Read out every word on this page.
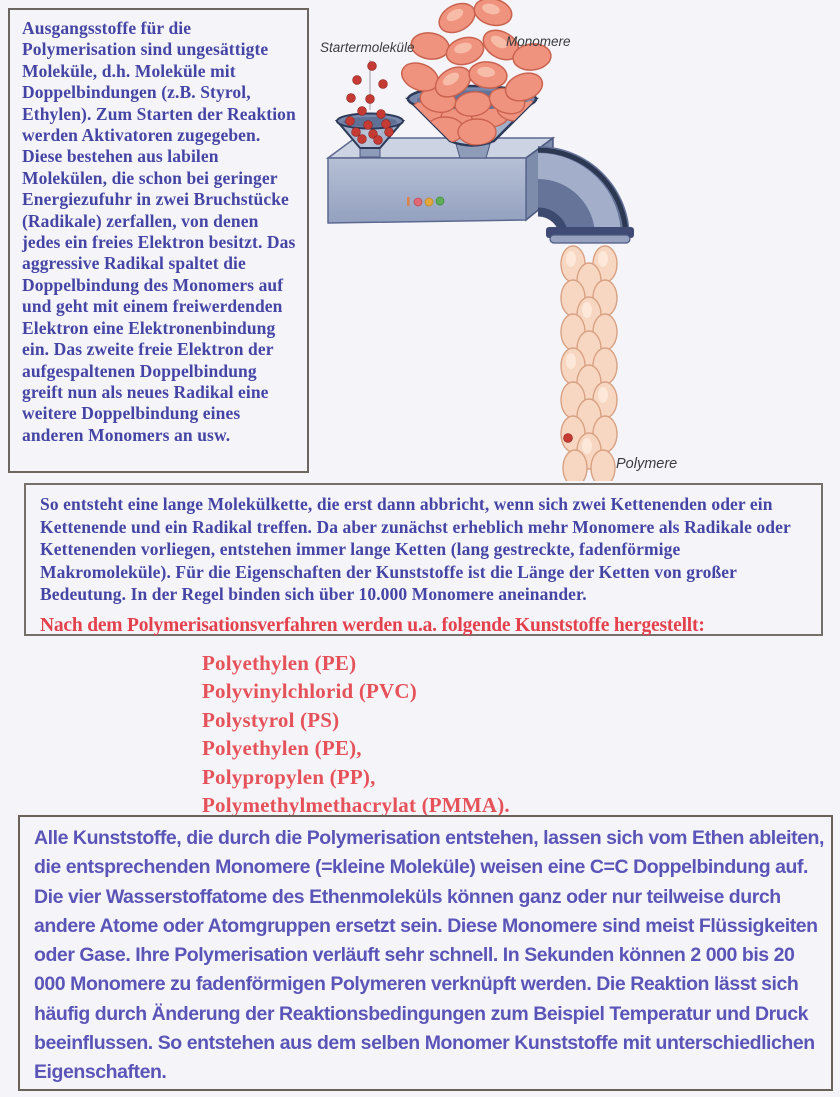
Ausgangsstoffe für die Polymerisation sind ungesättigte Moleküle, d.h. Moleküle mit Doppelbindungen (z.B. Styrol, Ethylen). Zum Starten der Reaktion werden Aktivatoren zugegeben. Diese bestehen aus labilen Molekülen, die schon bei geringer Energiezufuhr in zwei Bruchstücke (Radikale) zerfallen, von denen jedes ein freies Elektron besitzt. Das aggressive Radikal spaltet die Doppelbindung des Monomers auf und geht mit einem freiwerdenden Elektron eine Elektronenbindung ein. Das zweite freie Elektron der aufgespaltenen Doppelbindung greift nun als neues Radikal eine weitere Doppelbindung eines anderen Monomers an usw.
Startermoleküle	Monomere
Polymere
So entsteht eine lange Molekülkette, die erst dann abbricht, wenn sich zwei Kettenenden oder ein Kettenende und ein Radikal treffen. Da aber zunächst erheblich mehr Monomere als Radikale oder Kettenenden vorliegen, entstehen immer lange Ketten (lang gestreckte, fadenförmige Makromoleküle). Für die Eigenschaften der Kunststoffe ist die Länge der Ketten von großer Bedeutung. In der Regel binden sich über 10.000 Monomere aneinander.
Nach dem Polymerisationsverfahren werden u.a. folgende Kunststoffe hergestellt:
Polyethylen (PE)
Polyvinylchlorid (PVC)
Polystyrol (PS)
Polyethylen (PE),
Polypropylen (PP),
Polymethylmethacrylat (PMMA).
Alle Kunststoffe, die durch die Polymerisation entstehen, lassen sich vom Ethen ableiten, die entsprechenden Monomere (=kleine Moleküle) weisen eine C=C Doppelbindung auf. Die vier Wasserstoffatome des Ethenmoleküls können ganz oder nur teilweise durch andere Atome oder Atomgruppen ersetzt sein. Diese Monomere sind meist Flüssigkeiten oder Gase. Ihre Polymerisation verläuft sehr schnell. In Sekunden können 2 000 bis 20 000 Monomere zu fadenförmigen Polymeren verknüpft werden. Die Reaktion lässt sich häufig durch Änderung der Reaktionsbedingungen zum Beispiel Temperatur und Druck beeinflussen. So entstehen aus dem selben Monomer Kunststoffe mit unterschiedlichen Eigenschaften.
